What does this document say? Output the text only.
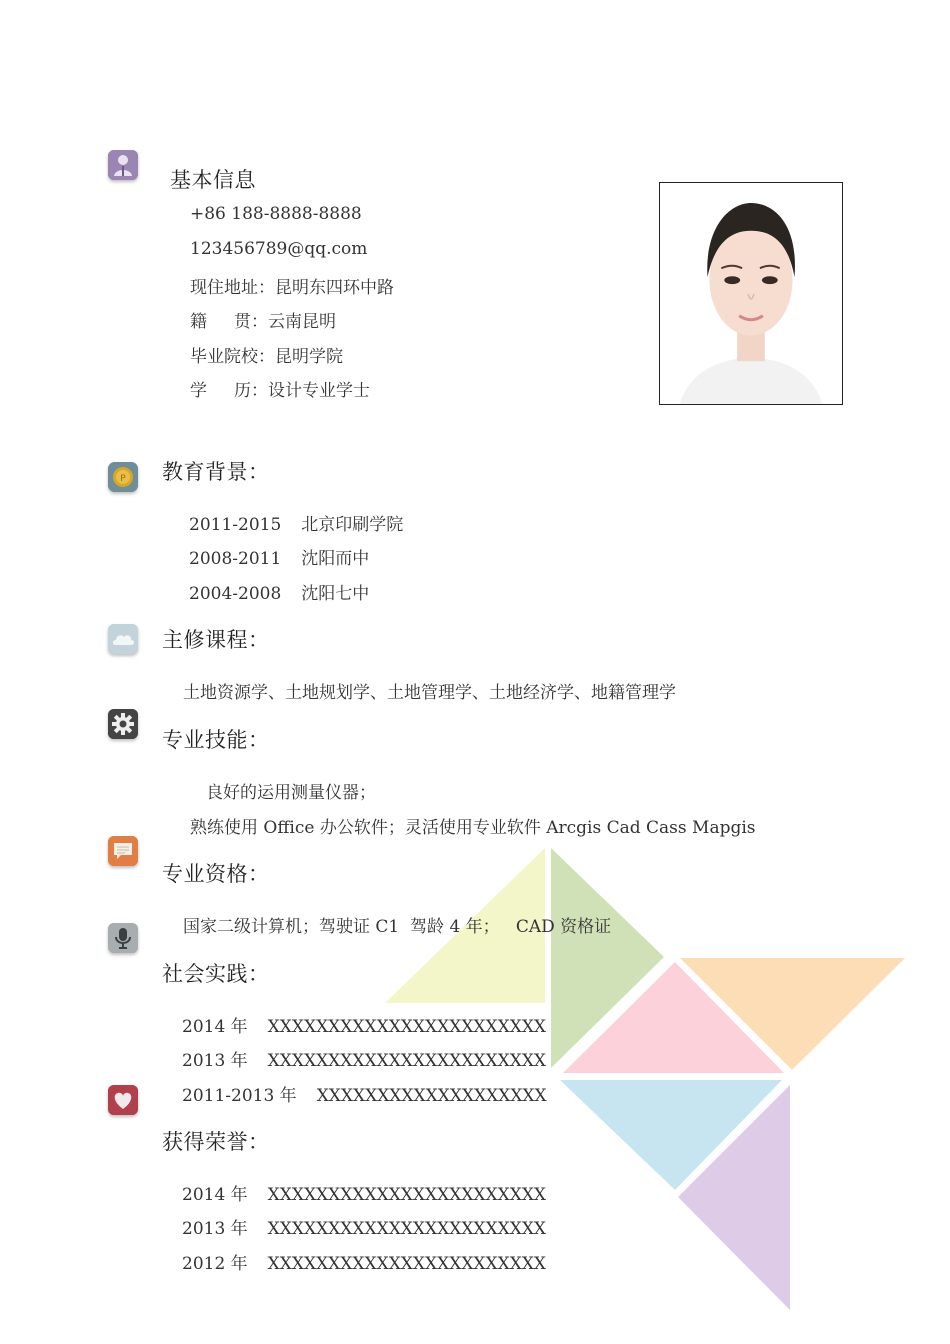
基本信息
+86 188-8888-8888
123456789@qq.com
现住地址：昆明东四环中路
籍     贯：云南昆明
毕业院校：昆明学院
学     历：设计专业学士
P 教育背景：
2011-2015 北京印刷学院
2008-2011 沈阳而中
2004-2008 沈阳七中
主修课程：
土地资源学、土地规划学、土地管理学、土地经济学、地籍管理学
专业技能：
良好的运用测量仪器；
熟练使用 Office 办公软件；灵活使用专业软件 Arcgis Cad Cass Mapgis
专业资格：
国家二级计算机；驾驶证 C1  驾龄 4 年；   CAD 资格证
社会实践：
2014 年 XXXXXXXXXXXXXXXXXXXXXXX
2013 年 XXXXXXXXXXXXXXXXXXXXXXX
2011-2013 年 XXXXXXXXXXXXXXXXXXX
获得荣誉：
2014 年 XXXXXXXXXXXXXXXXXXXXXXX
2013 年 XXXXXXXXXXXXXXXXXXXXXXX
2012 年 XXXXXXXXXXXXXXXXXXXXXXX
